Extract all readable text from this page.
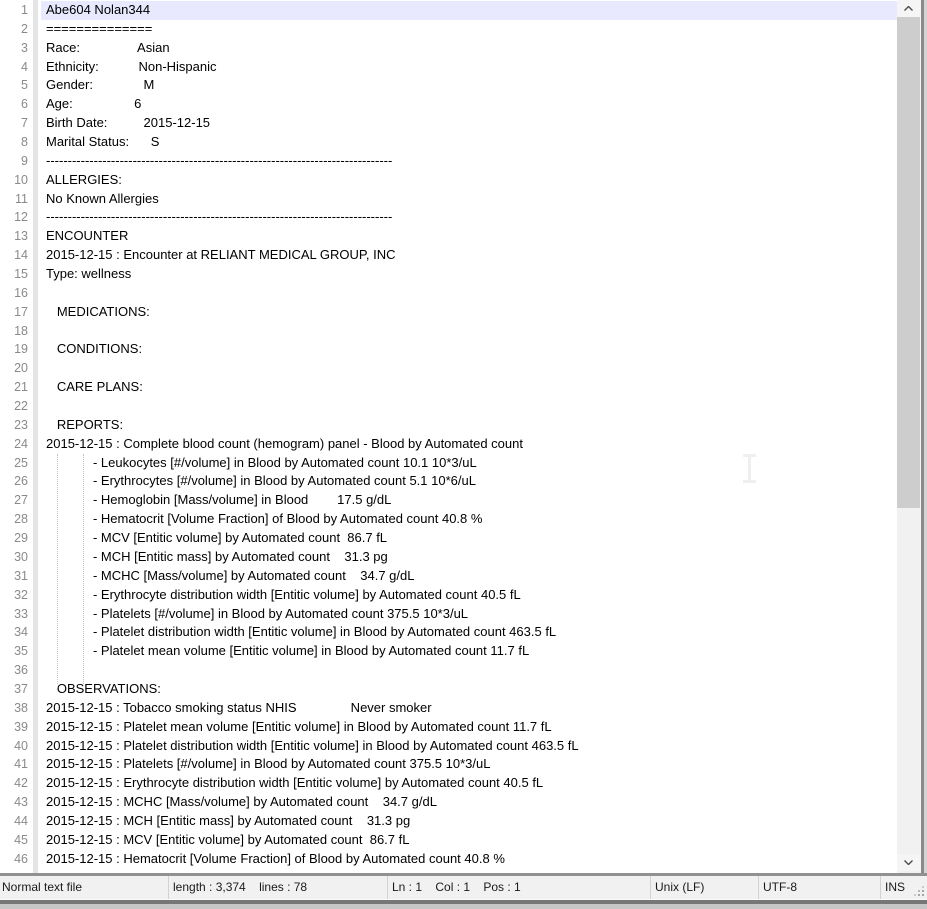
1	Abe604 Nolan344
2	==============
3	Race:                Asian
4	Ethnicity:           Non-Hispanic
5	Gender:              M
6	Age:                 6
7	Birth Date:          2015-12-15
8	Marital Status:      S
9	--------------------------------------------------------------------------------
10	ALLERGIES:
11	No Known Allergies
12	--------------------------------------------------------------------------------
13	ENCOUNTER
14	2015-12-15 : Encounter at RELIANT MEDICAL GROUP, INC
15	Type: wellness
16
17	MEDICATIONS:
18
19	CONDITIONS:
20
21	CARE PLANS:
22
23	REPORTS:
24	2015-12-15 : Complete blood count (hemogram) panel - Blood by Automated count
25	- Leukocytes [#/volume] in Blood by Automated count 10.1 10*3/uL
26	- Erythrocytes [#/volume] in Blood by Automated count 5.1 10*6/uL
27	- Hemoglobin [Mass/volume] in Blood        17.5 g/dL
28	- Hematocrit [Volume Fraction] of Blood by Automated count 40.8 %
29	- MCV [Entitic volume] by Automated count  86.7 fL
30	- MCH [Entitic mass] by Automated count    31.3 pg
31	- MCHC [Mass/volume] by Automated count    34.7 g/dL
32	- Erythrocyte distribution width [Entitic volume] by Automated count 40.5 fL
33	- Platelets [#/volume] in Blood by Automated count 375.5 10*3/uL
34	- Platelet distribution width [Entitic volume] in Blood by Automated count 463.5 fL
35	- Platelet mean volume [Entitic volume] in Blood by Automated count 11.7 fL
36
37	OBSERVATIONS:
38	2015-12-15 : Tobacco smoking status NHIS               Never smoker
39	2015-12-15 : Platelet mean volume [Entitic volume] in Blood by Automated count 11.7 fL
40	2015-12-15 : Platelet distribution width [Entitic volume] in Blood by Automated count 463.5 fL
41	2015-12-15 : Platelets [#/volume] in Blood by Automated count 375.5 10*3/uL
42	2015-12-15 : Erythrocyte distribution width [Entitic volume] by Automated count 40.5 fL
43	2015-12-15 : MCHC [Mass/volume] by Automated count    34.7 g/dL
44	2015-12-15 : MCH [Entitic mass] by Automated count    31.3 pg
45	2015-12-15 : MCV [Entitic volume] by Automated count  86.7 fL
46	2015-12-15 : Hematocrit [Volume Fraction] of Blood by Automated count 40.8 %
Normal text file	length : 3,374    lines : 78	Ln : 1    Col : 1    Pos : 1	Unix (LF)	UTF-8	INS
